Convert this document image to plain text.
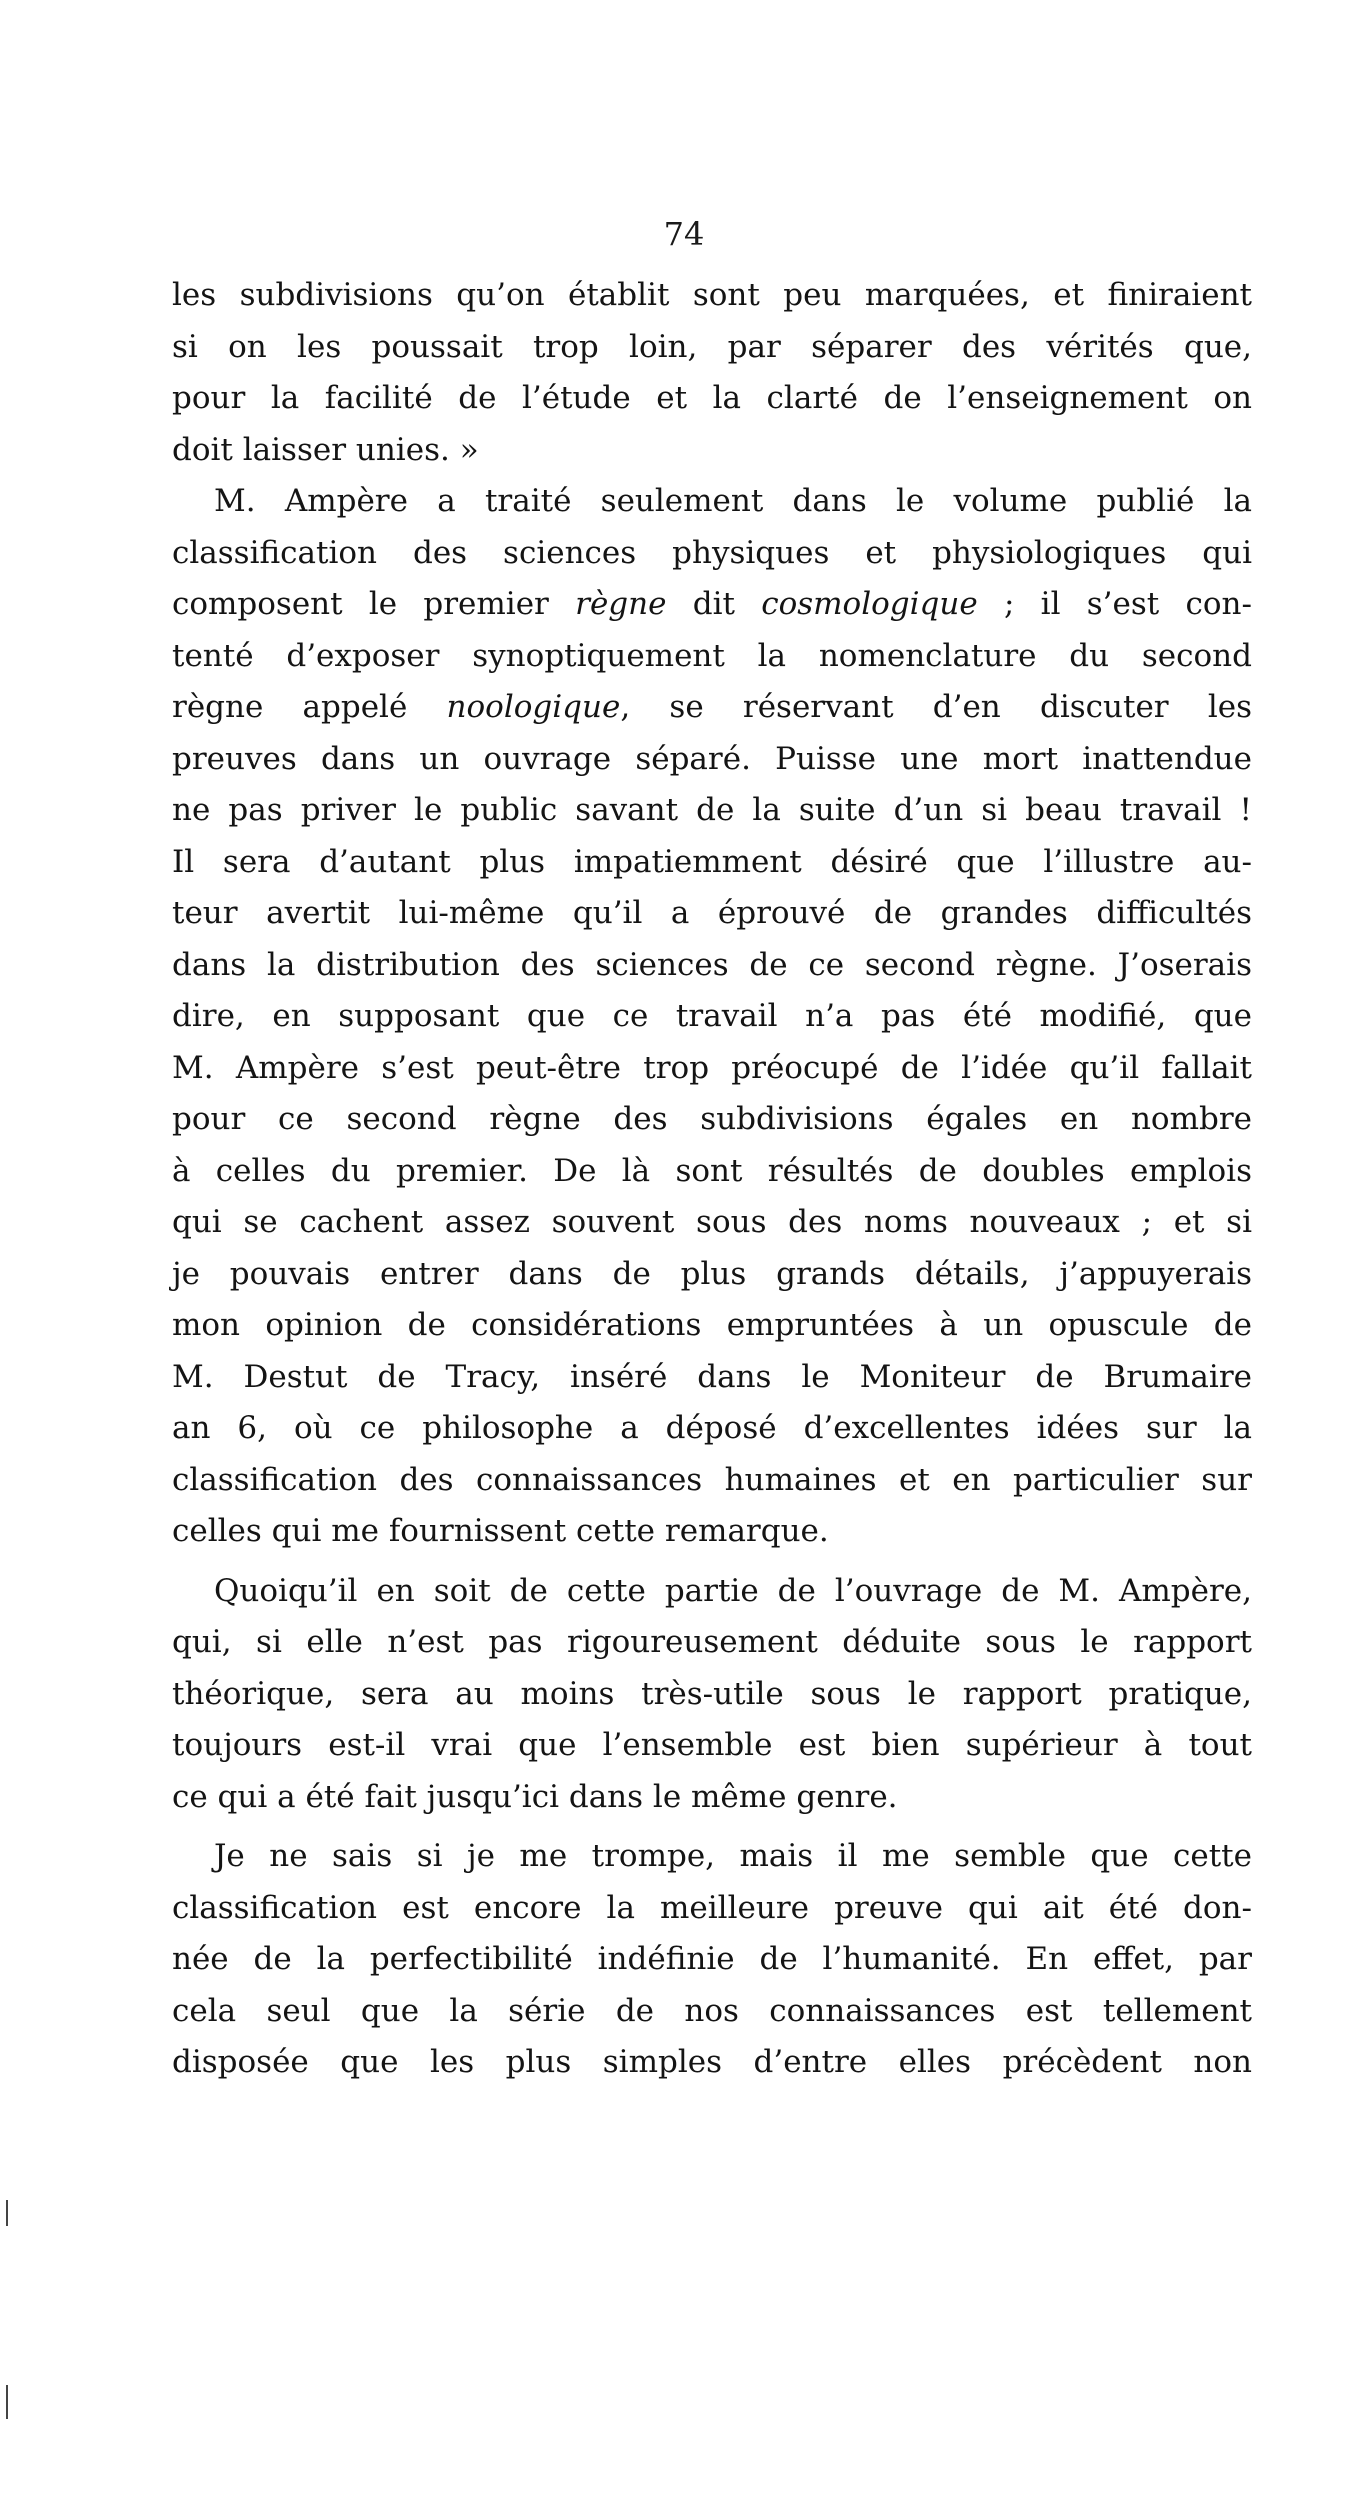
74

les subdivisions qu’on établit sont peu marquées, et finiraient
si on les poussait trop loin, par séparer des vérités que,
pour la facilité de l’étude et la clarté de l’enseignement on
doit laisser unies. »
M. Ampère a traité seulement dans le volume publié la
classification des sciences physiques et physiologiques qui
composent le premier règne dit cosmologique ; il s’est con-
tenté d’exposer synoptiquement la nomenclature du second
règne appelé noologique, se réservant d’en discuter les
preuves dans un ouvrage séparé. Puisse une mort inattendue
ne pas priver le public savant de la suite d’un si beau travail !
Il sera d’autant plus impatiemment désiré que l’illustre au-
teur avertit lui-même qu’il a éprouvé de grandes difficultés
dans la distribution des sciences de ce second règne. J’oserais
dire, en supposant que ce travail n’a pas été modifié, que
M. Ampère s’est peut-être trop préocupé de l’idée qu’il fallait
pour ce second règne des subdivisions égales en nombre
à celles du premier. De là sont résultés de doubles emplois
qui se cachent assez souvent sous des noms nouveaux ; et si
je pouvais entrer dans de plus grands détails, j’appuyerais
mon opinion de considérations empruntées à un opuscule de
M. Destut de Tracy, inséré dans le Moniteur de Brumaire
an 6, où ce philosophe a déposé d’excellentes idées sur la
classification des connaissances humaines et en particulier sur
celles qui me fournissent cette remarque.
Quoiqu’il en soit de cette partie de l’ouvrage de M. Ampère,
qui, si elle n’est pas rigoureusement déduite sous le rapport
théorique, sera au moins très-utile sous le rapport pratique,
toujours est-il vrai que l’ensemble est bien supérieur à tout
ce qui a été fait jusqu’ici dans le même genre.
Je ne sais si je me trompe, mais il me semble que cette
classification est encore la meilleure preuve qui ait été don-
née de la perfectibilité indéfinie de l’humanité. En effet, par
cela seul que la série de nos connaissances est tellement
disposée que les plus simples d’entre elles précèdent non
